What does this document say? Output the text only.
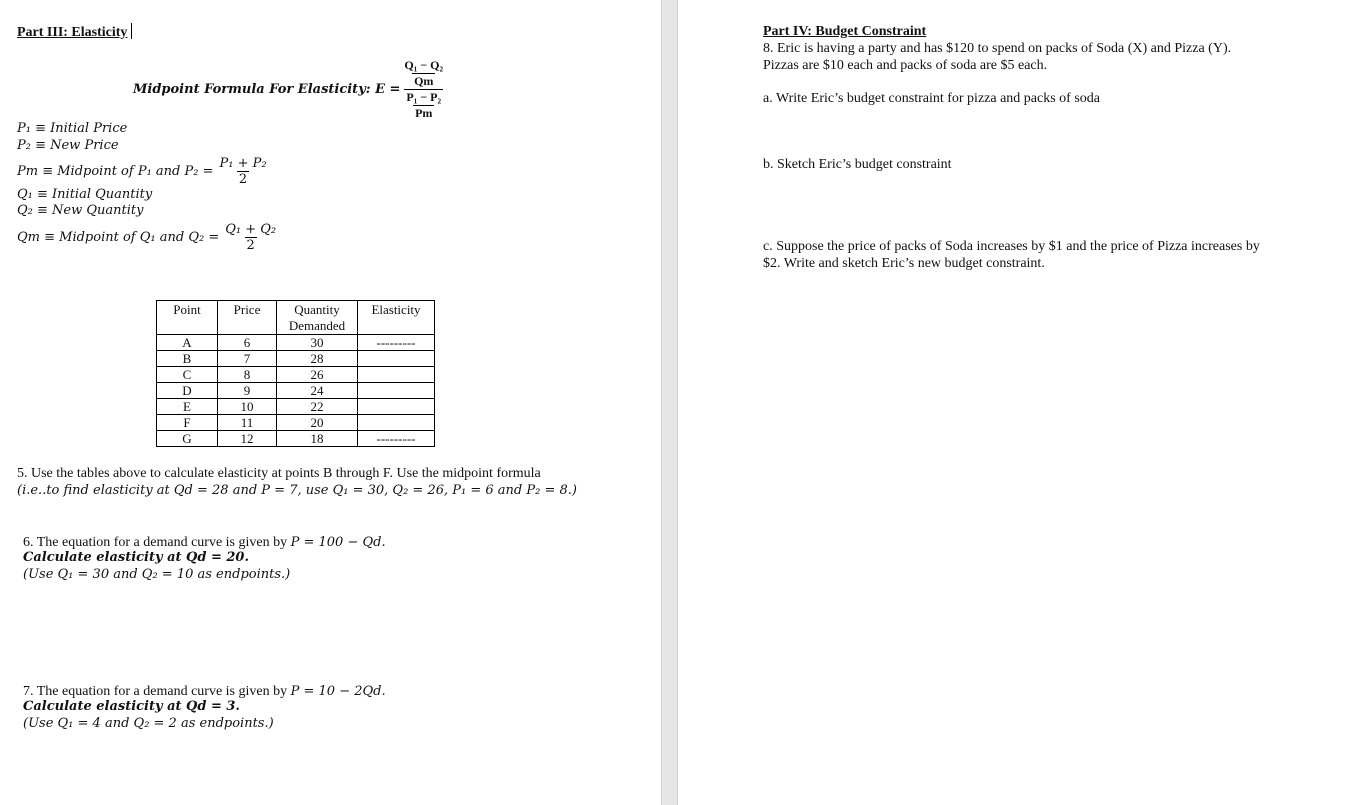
Part III: Elasticity
Midpoint Formula For Elasticity: E =
$\frac{\text{Q₁ − Q₂}}{Qm}$
$\frac{\text{P₁ − P₂}}{Pm}$
P₁ ≡ Initial Price
P₂ ≡ New Price
Pm ≡ Midpoint of P₁ and $P_2 = \frac{\text{P₁ + P₂}}{2}$
Q₁ ≡ Initial Quantity
Q₂ ≡ New Quantity
Qm ≡ Midpoint of Q₁ and $Q_2 = \frac{\text{Q₁ + Q₂}}{2}$
Point	Price	Quantity Demanded	Elasticity
A	6	30	---------
B	7	28	
C	8	26	
D	9	24	
E	10	22	
F	11	20	
G	12	18	---------
5. Use the tables above to calculate elasticity at points B through F. Use the midpoint formula
(i.e..to find elasticity at Qd = 28 and P = 7, use Q₁ = 30, Q₂ = 26, P₁ = 6 and P₂ = 8.)
6. The equation for a demand curve is given by P = 100 − Qd.
Calculate elasticity at Qd = 20.
(Use Q₁ = 30 and Q₂ = 10 as endpoints.)
7. The equation for a demand curve is given by P = 10 − 2Qd.
Calculate elasticity at Qd = 3.
(Use Q₁ = 4 and Q₂ = 2 as endpoints.)
Part IV: Budget Constraint
8. Eric is having a party and has $120 to spend on packs of Soda (X) and Pizza (Y).
Pizzas are $10 each and packs of soda are $5 each.
a. Write Eric’s budget constraint for pizza and packs of soda
b. Sketch Eric’s budget constraint
c. Suppose the price of packs of Soda increases by $1 and the price of Pizza increases by
$2. Write and sketch Eric’s new budget constraint.
